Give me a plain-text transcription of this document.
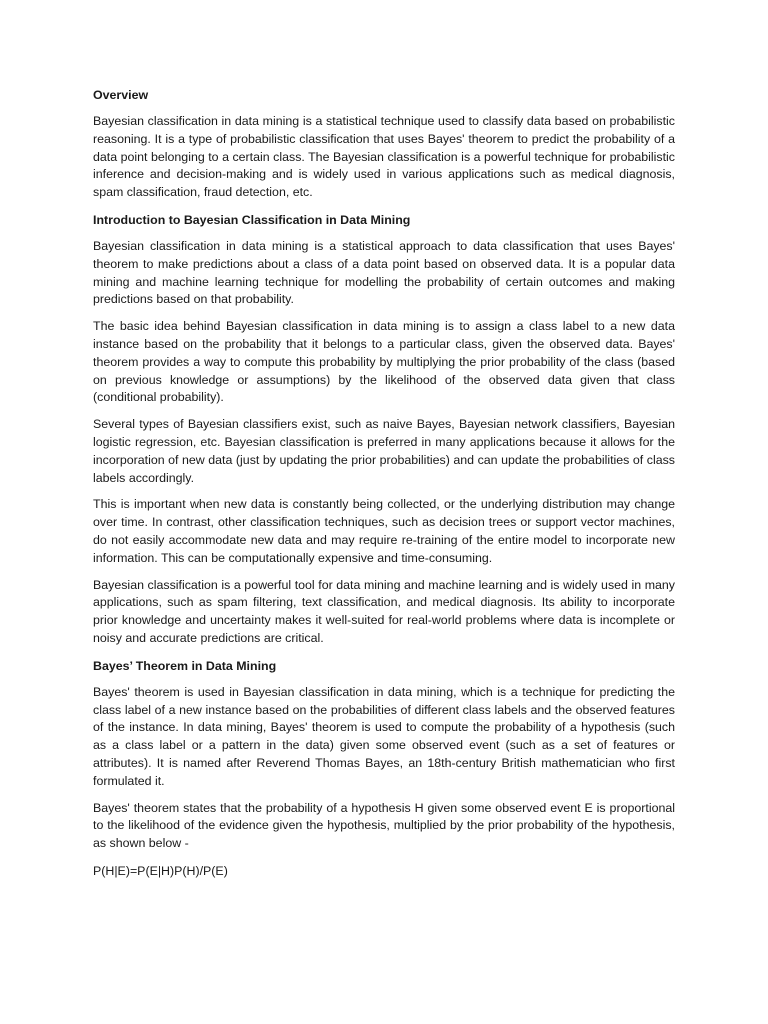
Overview

Bayesian classification in data mining is a statistical technique used to classify data based on probabilistic reasoning. It is a type of probabilistic classification that uses Bayes' theorem to predict the probability of a data point belonging to a certain class. The Bayesian classification is a powerful technique for probabilistic inference and decision-making and is widely used in various applications such as medical diagnosis, spam classification, fraud detection, etc.

Introduction to Bayesian Classification in Data Mining

Bayesian classification in data mining is a statistical approach to data classification that uses Bayes' theorem to make predictions about a class of a data point based on observed data. It is a popular data mining and machine learning technique for modelling the probability of certain outcomes and making predictions based on that probability.

The basic idea behind Bayesian classification in data mining is to assign a class label to a new data instance based on the probability that it belongs to a particular class, given the observed data. Bayes' theorem provides a way to compute this probability by multiplying the prior probability of the class (based on previous knowledge or assumptions) by the likelihood of the observed data given that class (conditional probability).

Several types of Bayesian classifiers exist, such as naive Bayes, Bayesian network classifiers, Bayesian logistic regression, etc. Bayesian classification is preferred in many applications because it allows for the incorporation of new data (just by updating the prior probabilities) and can update the probabilities of class labels accordingly.

This is important when new data is constantly being collected, or the underlying distribution may change over time. In contrast, other classification techniques, such as decision trees or support vector machines, do not easily accommodate new data and may require re-training of the entire model to incorporate new information. This can be computationally expensive and time-consuming.

Bayesian classification is a powerful tool for data mining and machine learning and is widely used in many applications, such as spam filtering, text classification, and medical diagnosis. Its ability to incorporate prior knowledge and uncertainty makes it well-suited for real-world problems where data is incomplete or noisy and accurate predictions are critical.

Bayes’ Theorem in Data Mining

Bayes' theorem is used in Bayesian classification in data mining, which is a technique for predicting the class label of a new instance based on the probabilities of different class labels and the observed features of the instance. In data mining, Bayes' theorem is used to compute the probability of a hypothesis (such as a class label or a pattern in the data) given some observed event (such as a set of features or attributes). It is named after Reverend Thomas Bayes, an 18th-century British mathematician who first formulated it.

Bayes' theorem states that the probability of a hypothesis H given some observed event E is proportional to the likelihood of the evidence given the hypothesis, multiplied by the prior probability of the hypothesis, as shown below -

P(H|E)=P(E|H)P(H)/P(E)
